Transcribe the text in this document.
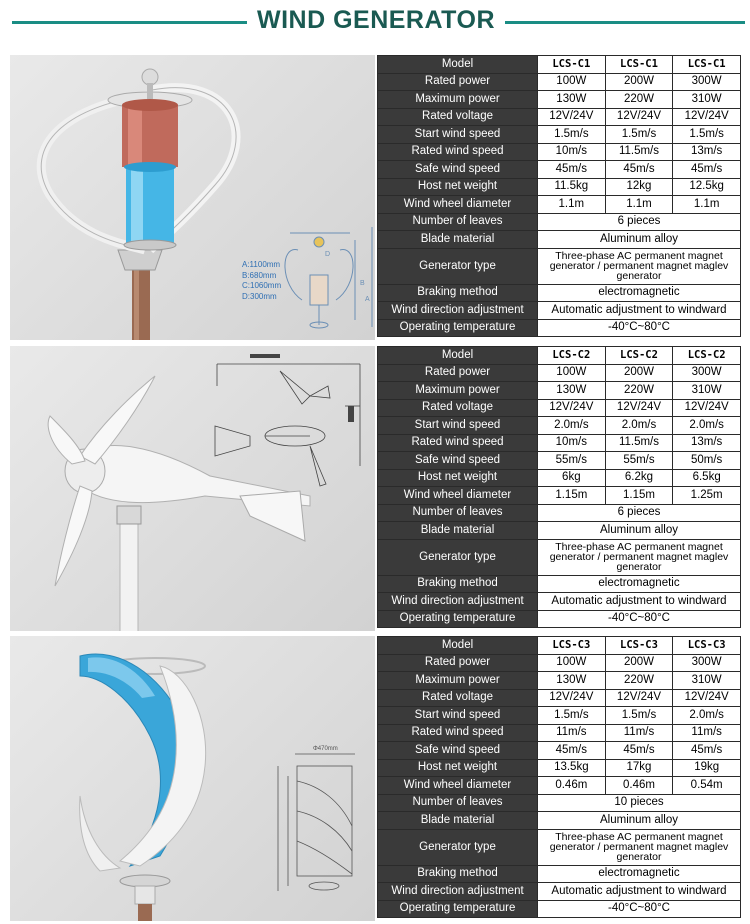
WIND GENERATOR
D
B
A
A:1100mm
B:680mm
C:1060mm
D:300mm
Model	LCS-C1	LCS-C1	LCS-C1
Rated power	100W	200W	300W
Maximum power	130W	220W	310W
Rated voltage	12V/24V	12V/24V	12V/24V
Start wind speed	1.5m/s	1.5m/s	1.5m/s
Rated wind speed	10m/s	11.5m/s	13m/s
Safe wind speed	45m/s	45m/s	45m/s
Host net weight	11.5kg	12kg	12.5kg
Wind wheel diameter	1.1m	1.1m	1.1m
Number of leaves	6 pieces		
Blade material	Aluminum alloy		
Generator type	Three-phase AC permanent magnet generator / permanent magnet maglev generator		
Braking method	electromagnetic		
Wind direction adjustment	Automatic adjustment to windward		
Operating temperature	-40°C~80°C		
Model	LCS-C2	LCS-C2	LCS-C2
Rated power	100W	200W	300W
Maximum power	130W	220W	310W
Rated voltage	12V/24V	12V/24V	12V/24V
Start wind speed	2.0m/s	2.0m/s	2.0m/s
Rated wind speed	10m/s	11.5m/s	13m/s
Safe wind speed	55m/s	55m/s	50m/s
Host net weight	6kg	6.2kg	6.5kg
Wind wheel diameter	1.15m	1.15m	1.25m
Number of leaves	6 pieces		
Blade material	Aluminum alloy		
Generator type	Three-phase AC permanent magnet generator / permanent magnet maglev generator		
Braking method	electromagnetic		
Wind direction adjustment	Automatic adjustment to windward		
Operating temperature	-40°C~80°C		
Φ470mm
Model	LCS-C3	LCS-C3	LCS-C3
Rated power	100W	200W	300W
Maximum power	130W	220W	310W
Rated voltage	12V/24V	12V/24V	12V/24V
Start wind speed	1.5m/s	1.5m/s	2.0m/s
Rated wind speed	11m/s	11m/s	11m/s
Safe wind speed	45m/s	45m/s	45m/s
Host net weight	13.5kg	17kg	19kg
Wind wheel diameter	0.46m	0.46m	0.54m
Number of leaves	10 pieces		
Blade material	Aluminum alloy		
Generator type	Three-phase AC permanent magnet generator / permanent magnet maglev generator		
Braking method	electromagnetic		
Wind direction adjustment	Automatic adjustment to windward		
Operating temperature	-40°C~80°C		
